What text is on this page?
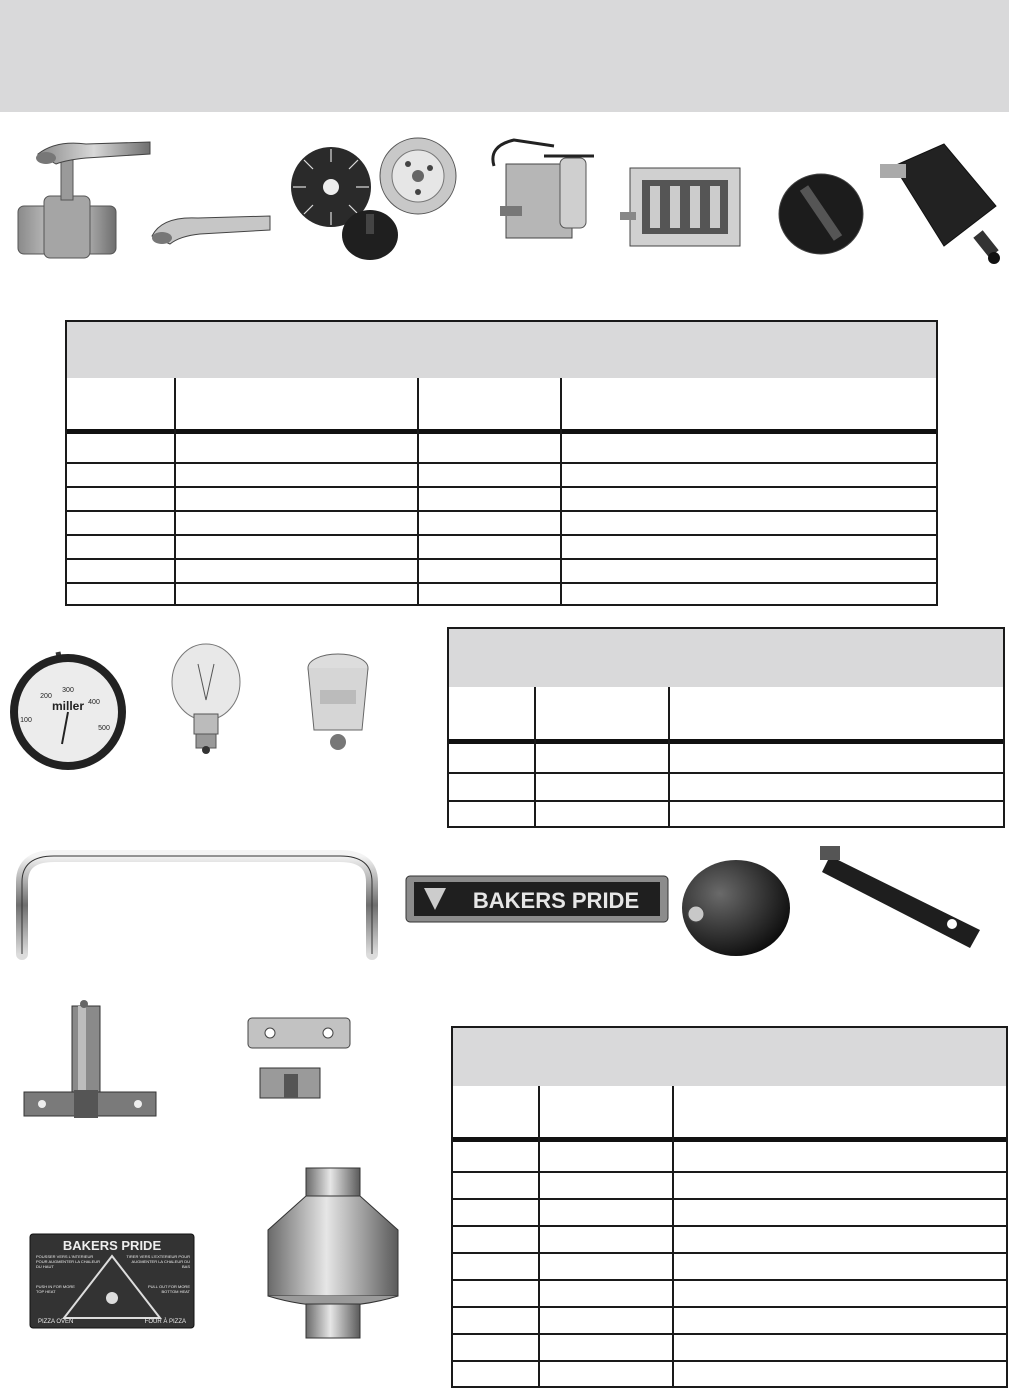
100
200
300
400
500
miller
BAKERS PRIDE
BAKERS PRIDE
POUSSER VERS L'INTERIEUR POUR AUGMENTER LA CHALEUR DU HAUT
TIRER VERS L'EXTERIEUR POUR AUGMENTER LA CHALEUR DU BAS
PUSH IN FOR MORE TOP HEAT
PULL OUT FOR MORE BOTTOM HEAT
PIZZA OVEN	FOUR À PIZZA
